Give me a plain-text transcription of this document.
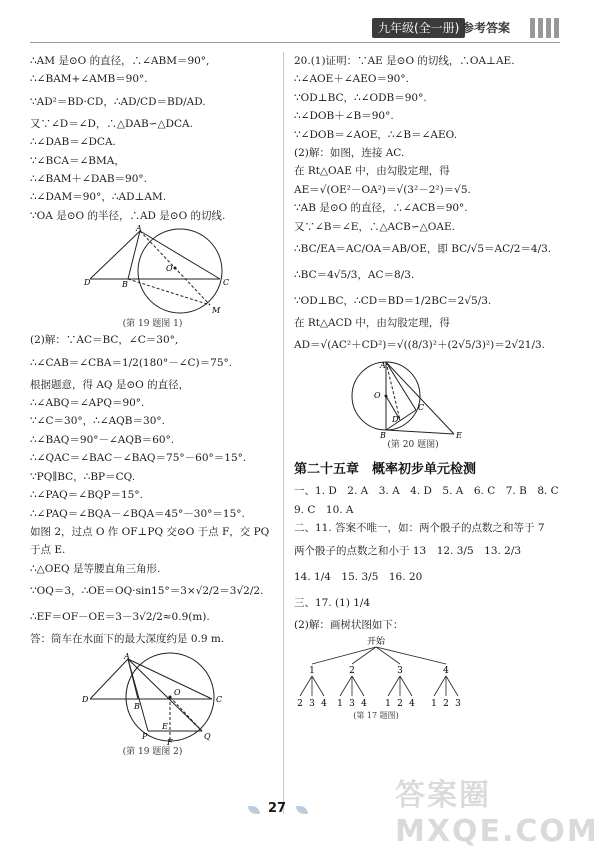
九年级(全一册) 参考答案
∴AM 是⊙O 的直径，∴∠ABM＝90°,
∴∠BAM+∠AMB＝90°.
∵AD²＝BD·CD，∴AD/CD＝BD/AD.
又∵∠D＝∠D，∴△DAB∽△DCA.
∴∠DAB＝∠DCA.
∵∠BCA＝∠BMA，
∴∠BAM＋∠DAB＝90°.
∴∠DAM＝90°，∴AD⊥AM.
∵OA 是⊙O 的半径，∴AD 是⊙O 的切线.
A
D	B	C
O
M
(第 19 题图 1)
(2)解：∵AC＝BC，∠C＝30°,
∴∠CAB＝∠CBA＝1/2(180°－∠C)＝75°.
根据题意，得 AQ 是⊙O 的直径，
∴∠ABQ＝∠APQ＝90°.
∵∠C＝30°，∴∠AQB＝30°.
∴∠BAQ＝90°－∠AQB＝60°.
∴∠QAC＝∠BAC－∠BAQ＝75°－60°＝15°.
∵PQ∥BC，∴BP＝CQ.
∴∠PAQ＝∠BQP＝15°.
∴∠PAQ＝∠BQA－∠BQA＝45°－30°＝15°.
如图 2，过点 O 作 OF⊥PQ 交⊙O 于点 F，交 PQ
于点 E.
∴△OEQ 是等腰直角三角形.
∵OQ＝3，∴OE＝OQ·sin15°＝3×√2/2＝3√2/2.
∴EF＝OF－OE＝3－3√2/2≈0.9(m).
答：筒车在水面下的最大深度约是 0.9 m.
A
D
B
C
O
E
F
P	Q
(第 19 题图 2)
20.(1)证明：∵AE 是⊙O 的切线，∴OA⊥AE.
∴∠AOE＋∠AEO＝90°.
∵OD⊥BC，∴∠ODB＝90°.
∴∠DOB＋∠B＝90°.
∵∠DOB＝∠AOE，∴∠B＝∠AEO.
(2)解：如图，连接 AC.
在 Rt△OAE 中，由勾股定理，得
AE＝√(OE²－OA²)＝√(3²－2²)＝√5.
∵AB 是⊙O 的直径，∴∠ACB＝90°.
又∵∠B＝∠E，∴△ACB∽△OAE.
∴BC/EA＝AC/OA＝AB/OE，即 BC/√5＝AC/2＝4/3.
∴BC＝4√5/3，AC＝8/3.
∵OD⊥BC，∴CD＝BD＝1/2BC＝2√5/3.
在 Rt△ACD 中，由勾股定理，得
AD＝√(AC²＋CD²)＝√((8/3)²＋(2√5/3)²)＝2√21/3.
A
O
D
C
B	E
(第 20 题图)
第二十五章　概率初步单元检测
一、1. D　2. A　3. A　4. D　5. A　6. C　7. B　8. C
9. C　10. A
二、11. 答案不唯一，如：两个骰子的点数之和等于 7
两个骰子的点数之和小于 13　12. 3/5　13. 2/3
14. 1/4　15. 3/5　16. 20
三、17. (1) 1/4
(2)解：画树状图如下：
开始
1
2 3 4
2
1 3 4
3
1 2 4
4
1 2 3
(第 17 题图)
答案圈 MXQE.COM
27
